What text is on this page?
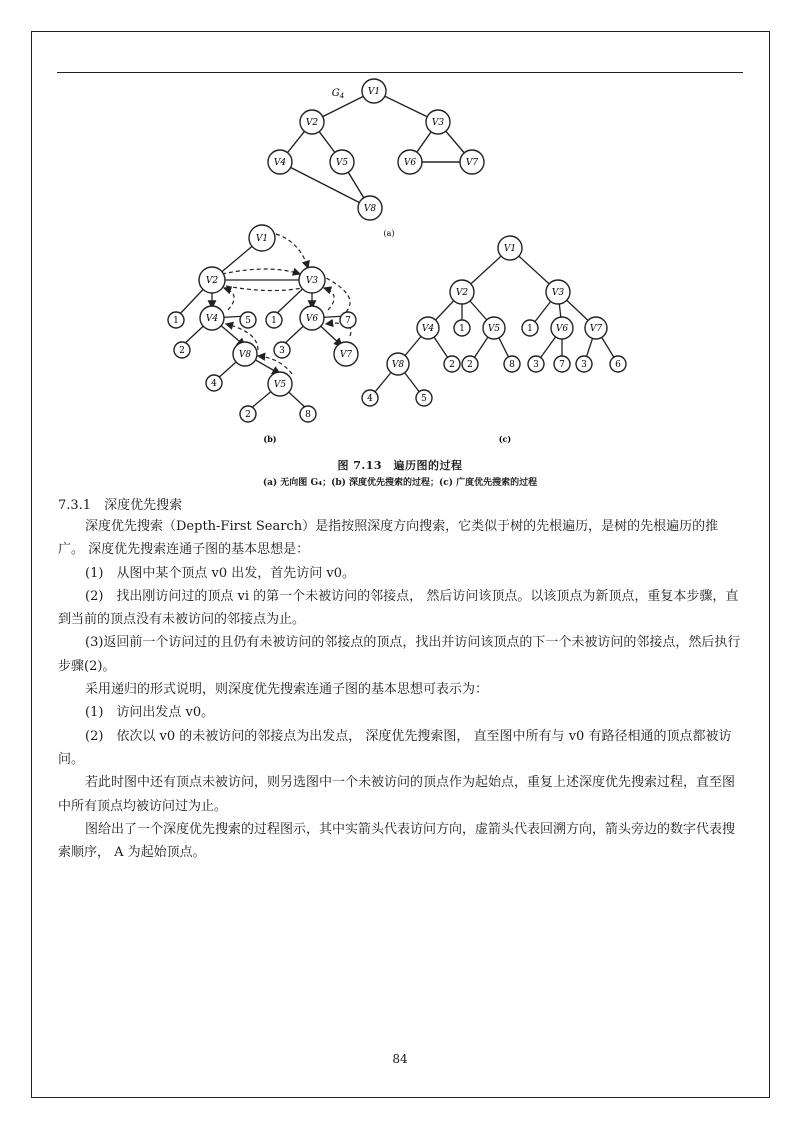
$G_4$	V1
V2	V3
V4	V5	V6	V7
V8
(a)
V1
V2	V3
V4	V6
V8
V5
V7
1	5 1	7
2	3
4
2	8
(b)
V1
V2	V3
V4	V5	V6 V7
V8
1	1
2 2	8 3 7 3	6
4	5
(c)
图 7.13　遍历图的过程
(a) 无向图 G₄；(b) 深度优先搜索的过程；(c) 广度优先搜索的过程
7.3.1　深度优先搜索

深度优先搜索（Depth-First Search）是指按照深度方向搜索，它类似于树的先根遍历，是树的先根遍历的推广。 深度优先搜索连通子图的基本思想是：

(1)　从图中某个顶点 v0 出发，首先访问 v0。

(2)　找出刚访问过的顶点 vi 的第一个未被访问的邻接点， 然后访问该顶点。以该顶点为新顶点，重复本步骤，直到当前的顶点没有未被访问的邻接点为止。

(3)返回前一个访问过的且仍有未被访问的邻接点的顶点，找出并访问该顶点的下一个未被访问的邻接点，然后执行步骤(2)。

采用递归的形式说明，则深度优先搜索连通子图的基本思想可表示为：

(1)　访问出发点 v0。

(2)　依次以 v0 的未被访问的邻接点为出发点， 深度优先搜索图， 直至图中所有与 v0 有路径相通的顶点都被访问。

若此时图中还有顶点未被访问，则另选图中一个未被访问的顶点作为起始点，重复上述深度优先搜索过程，直至图中所有顶点均被访问过为止。

图给出了一个深度优先搜索的过程图示，其中实箭头代表访问方向，虚箭头代表回溯方向，箭头旁边的数字代表搜索顺序， A 为起始顶点。

84
